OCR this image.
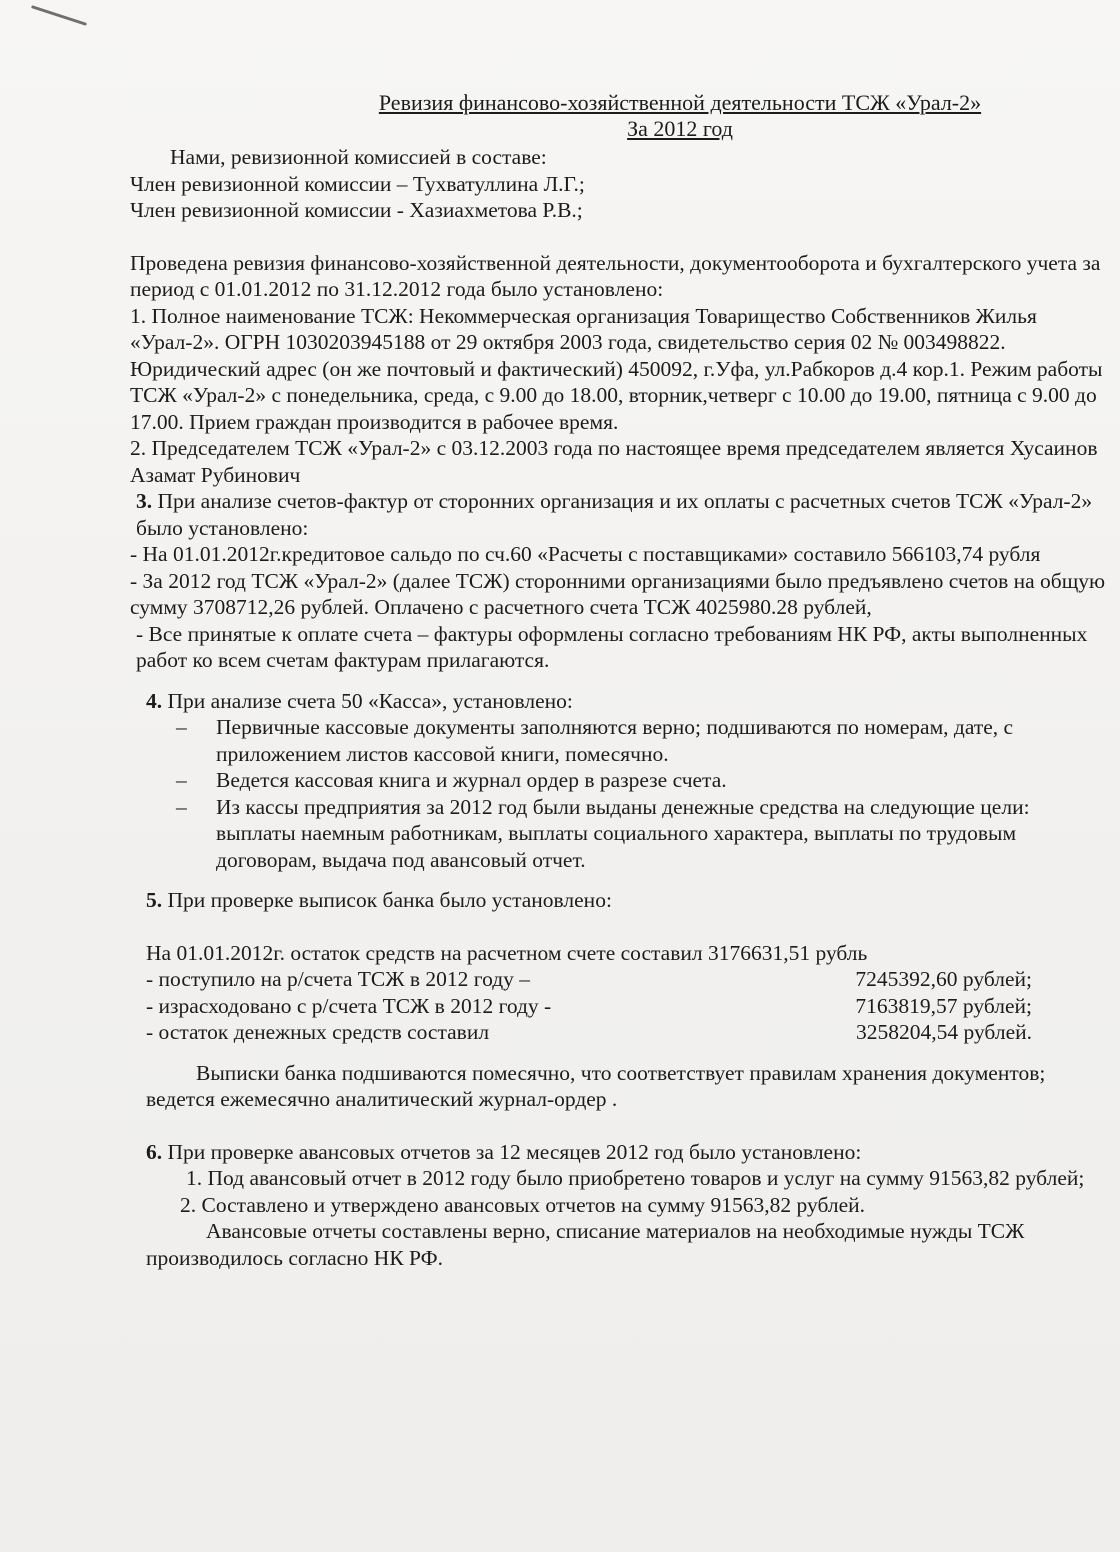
Ревизия финансово-хозяйственной деятельности ТСЖ «Урал-2»
За 2012 год

Нами, ревизионной комиссией в составе:

Член ревизионной комиссии – Тухватуллина Л.Г.;

Член ревизионной комиссии - Хазиахметова Р.В.;

Проведена ревизия финансово-хозяйственной деятельности, документооборота и бухгалтерского учета за период с 01.01.2012 по 31.12.2012 года было установлено:

1. Полное наименование ТСЖ: Некоммерческая организация Товарищество Собственников Жилья «Урал-2». ОГРН 1030203945188 от 29 октября 2003 года, свидетельство серия 02 № 003498822. Юридический адрес (он же почтовый и фактический) 450092, г.Уфа, ул.Рабкоров д.4 кор.1. Режим работы ТСЖ «Урал-2» с понедельника, среда, с 9.00 до 18.00, вторник,четверг с 10.00 до 19.00, пятница с 9.00 до 17.00. Прием граждан производится в рабочее время.

2. Председателем ТСЖ «Урал-2» с 03.12.2003 года по настоящее время председателем является Хусаинов Азамат Рубинович

3. При анализе счетов-фактур от сторонних организация и их оплаты с расчетных счетов ТСЖ «Урал-2» было установлено:

- На 01.01.2012г.кредитовое сальдо по сч.60 «Расчеты с поставщиками» составило 566103,74 рубля

- За 2012 год ТСЖ «Урал-2» (далее ТСЖ) сторонними организациями было предъявлено счетов на общую сумму 3708712,26 рублей. Оплачено с расчетного счета ТСЖ 4025980.28 рублей,

- Все принятые к оплате счета – фактуры оформлены согласно требованиям НК РФ, акты выполненных работ ко всем счетам фактурам прилагаются.

4. При анализе счета 50 «Касса», установлено:

– Первичные кассовые документы заполняются верно; подшиваются по номерам, дате, с приложением листов кассовой книги, помесячно.
– Ведется кассовая книга и журнал ордер в разрезе счета.
– Из кассы предприятия за 2012 год были выданы денежные средства на следующие цели: выплаты наемным работникам, выплаты социального характера, выплаты по трудовым договорам, выдача под авансовый отчет.

5. При проверке выписок банка было установлено:

На 01.01.2012г. остаток средств на расчетном счете составил 3176631,51 рубль
- поступило на р/счета ТСЖ в 2012 году –	7245392,60 рублей;
- израсходовано с р/счета ТСЖ в 2012 году -	7163819,57 рублей;
- остаток денежных средств составил	3258204,54 рублей.

Выписки банка подшиваются помесячно, что соответствует правилам хранения документов; ведется ежемесячно аналитический журнал-ордер .

6. При проверке авансовых отчетов за 12 месяцев 2012 год было установлено:

1. Под авансовый отчет в 2012 году было приобретено товаров и услуг на сумму 91563,82 рублей;

2. Составлено и утверждено авансовых отчетов на сумму 91563,82 рублей.

Авансовые отчеты составлены верно, списание материалов на необходимые нужды ТСЖ производилось согласно НК РФ.
